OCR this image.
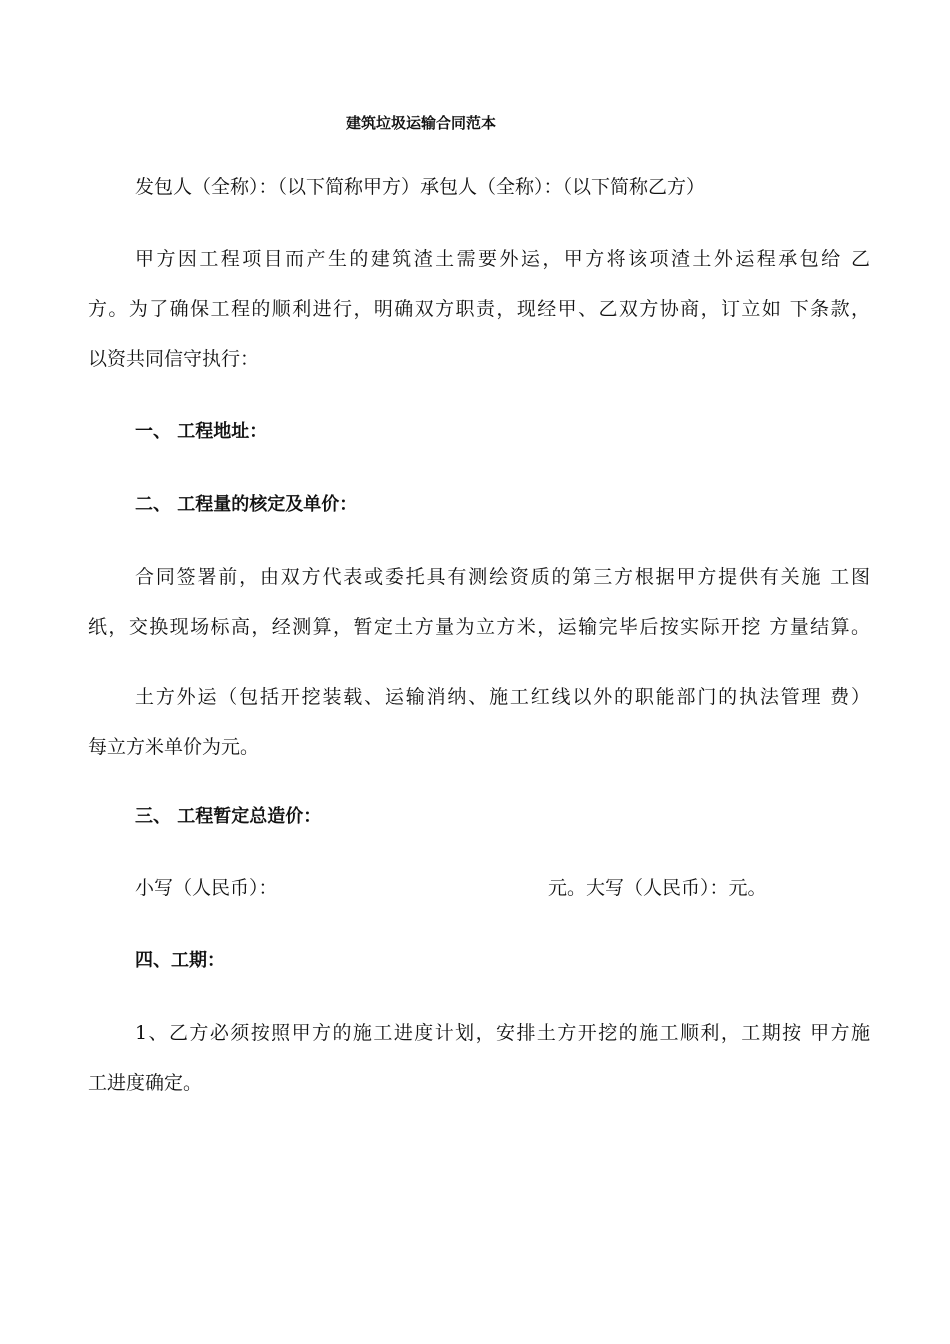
建筑垃圾运输合同范本
发包人（全称）：（以下简称甲方）承包人（全称）：（以下简称乙方）
甲方因工程项目而产生的建筑渣土需要外运，甲方将该项渣土外运程承包给 乙
方。为了确保工程的顺利进行，明确双方职责，现经甲、乙双方协商，订立如 下条款，
以资共同信守执行：
一、 工程地址：
二、 工程量的核定及单价：
合同签署前，由双方代表或委托具有测绘资质的第三方根据甲方提供有关施 工图
纸，交换现场标高，经测算，暂定土方量为立方米，运输完毕后按实际开挖 方量结算。
土方外运（包括开挖装载、运输消纳、施工红线以外的职能部门的执法管理 费）
每立方米单价为元。
三、 工程暂定总造价：
小写（人民币）：	元。大写（人民币）：元。
四、工期：
1、乙方必须按照甲方的施工进度计划，安排土方开挖的施工顺利，工期按 甲方施
工进度确定。
